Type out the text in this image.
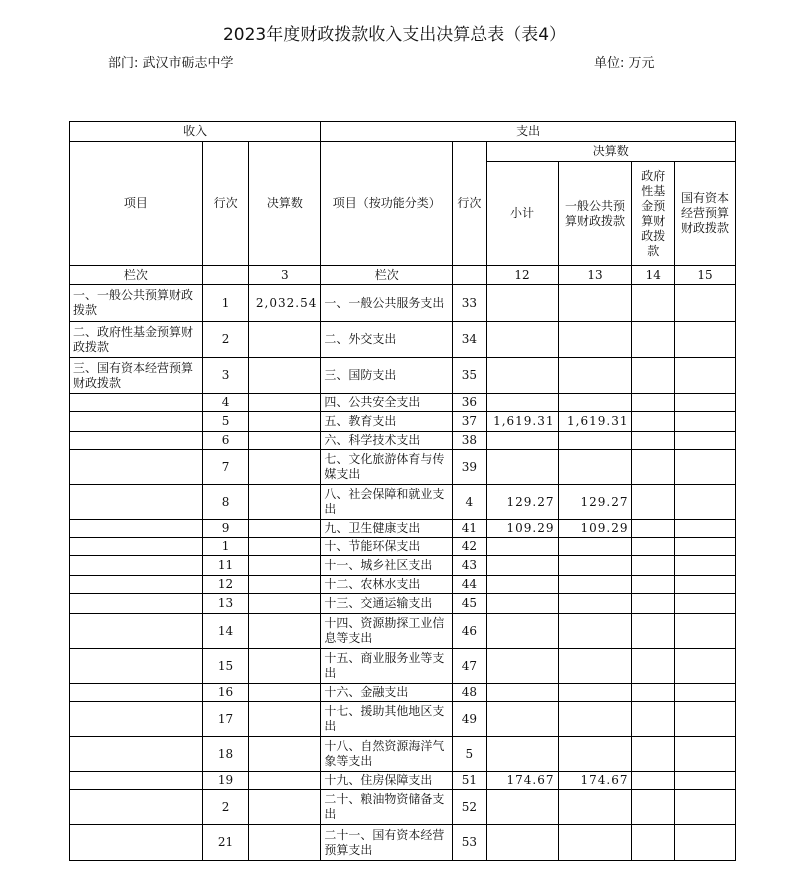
2023年度财政拨款收入支出决算总表（表4）
部门: 武汉市砺志中学	单位: 万元
收入			支出					
项目	行次	决算数	项目（按功能分类）	行次	决算数			
					小计	一般公共预算财政拨款	政府性基金预算财政拨款	国有资本经营预算财政拨款
栏次		3	栏次		12	13	14	15
一、一般公共预算财政拨款	1	2,032.54	一、一般公共服务支出	33				
二、政府性基金预算财政拨款	2		二、外交支出	34				
三、国有资本经营预算财政拨款	3		三、国防支出	35				
	4		四、公共安全支出	36				
	5		五、教育支出	37	1,619.31	1,619.31		
	6		六、科学技术支出	38				
	7		七、文化旅游体育与传媒支出	39				
	8		八、社会保障和就业支出	4	129.27	129.27		
	9		九、卫生健康支出	41	109.29	109.29		
	1		十、节能环保支出	42				
	11		十一、城乡社区支出	43				
	12		十二、农林水支出	44				
	13		十三、交通运输支出	45				
	14		十四、资源勘探工业信息等支出	46				
	15		十五、商业服务业等支出	47				
	16		十六、金融支出	48				
	17		十七、援助其他地区支出	49				
	18		十八、自然资源海洋气象等支出	5				
	19		十九、住房保障支出	51	174.67	174.67		
	2		二十、粮油物资储备支出	52				
	21		二十一、国有资本经营预算支出	53				
